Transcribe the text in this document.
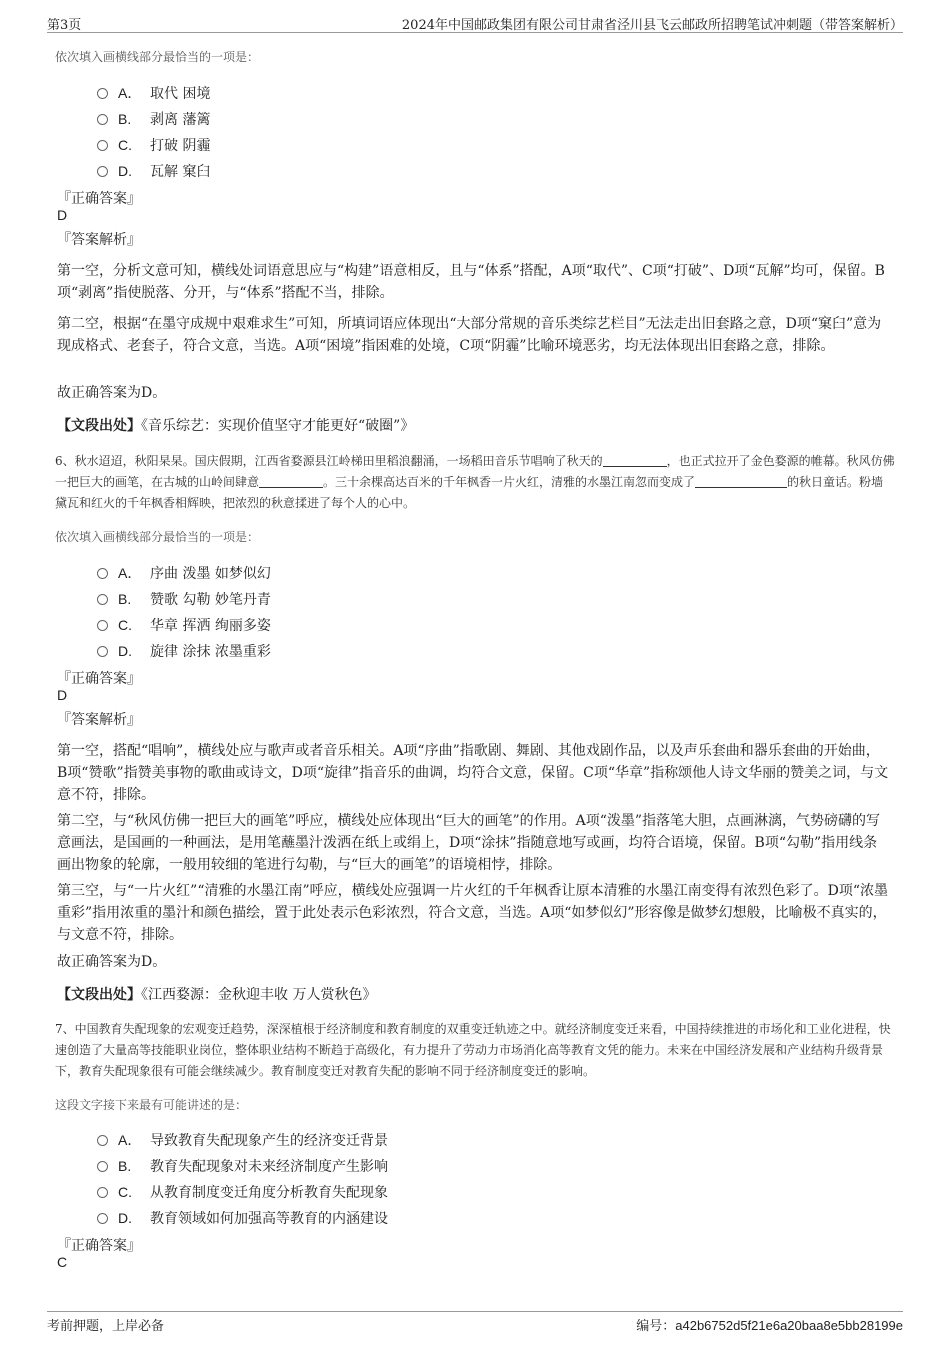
第3页	2024年中国邮政集团有限公司甘肃省泾川县飞云邮政所招聘笔试冲刺题（带答案解析）
依次填入画横线部分最恰当的一项是：
A． 取代 困境
B. 剥离 藩篱
C. 打破 阴霾
D. 瓦解 窠臼
『正确答案』
D
『答案解析』
第一空，分析文意可知，横线处词语意思应与“构建”语意相反，且与“体系”搭配，A项“取代”、C项“打破”、D项“瓦解”均可，保留。B项“剥离”指使脱落、分开，与“体系”搭配不当，排除。
第二空，根据“在墨守成规中艰难求生”可知，所填词语应体现出“大部分常规的音乐类综艺栏目”无法走出旧套路之意，D项“窠臼”意为现成格式、老套子，符合文意，当选。A项“困境”指困难的处境，C项“阴霾”比喻环境恶劣，均无法体现出旧套路之意，排除。
故正确答案为D。
【文段出处】《音乐综艺：实现价值坚守才能更好“破圈”》
6、秋水迢迢，秋阳杲杲。国庆假期，江西省婺源县江岭梯田里稻浪翻涌，一场稻田音乐节唱响了秋天的	，也正式拉开了金色婺源的帷幕。秋风仿佛一把巨大的画笔，在古城的山岭间肆意	。三十余棵高达百米的千年枫香一片火红，清雅的水墨江南忽而变成了	的秋日童话。粉墙黛瓦和红火的千年枫香相辉映，把浓烈的秋意揉进了每个人的心中。
依次填入画横线部分最恰当的一项是：
A． 序曲 泼墨 如梦似幻
B. 赞歌 勾勒 妙笔丹青
C. 华章 挥洒 绚丽多姿
D. 旋律 涂抹 浓墨重彩
『正确答案』
D
『答案解析』
第一空，搭配“唱响”，横线处应与歌声或者音乐相关。A项“序曲”指歌剧、舞剧、其他戏剧作品，以及声乐套曲和器乐套曲的开始曲，B项“赞歌”指赞美事物的歌曲或诗文，D项“旋律”指音乐的曲调，均符合文意，保留。C项“华章”指称颂他人诗文华丽的赞美之词，与文意不符，排除。
第二空，与“秋风仿佛一把巨大的画笔”呼应，横线处应体现出“巨大的画笔”的作用。A项“泼墨”指落笔大胆，点画淋漓，气势磅礴的写意画法，是国画的一种画法，是用笔蘸墨汁泼洒在纸上或绢上，D项“涂抹”指随意地写或画，均符合语境，保留。B项“勾勒”指用线条画出物象的轮廓，一般用较细的笔进行勾勒，与“巨大的画笔”的语境相悖，排除。
第三空，与“一片火红”“清雅的水墨江南”呼应，横线处应强调一片火红的千年枫香让原本清雅的水墨江南变得有浓烈色彩了。D项“浓墨重彩”指用浓重的墨汁和颜色描绘，置于此处表示色彩浓烈，符合文意，当选。A项“如梦似幻”形容像是做梦幻想般，比喻极不真实的，与文意不符，排除。
故正确答案为D。
【文段出处】《江西婺源：金秋迎丰收 万人赏秋色》
7、中国教育失配现象的宏观变迁趋势，深深植根于经济制度和教育制度的双重变迁轨迹之中。就经济制度变迁来看，中国持续推进的市场化和工业化进程，快速创造了大量高等技能职业岗位，整体职业结构不断趋于高级化，有力提升了劳动力市场消化高等教育文凭的能力。未来在中国经济发展和产业结构升级背景下，教育失配现象很有可能会继续减少。教育制度变迁对教育失配的影响不同于经济制度变迁的影响。
这段文字接下来最有可能讲述的是：
A． 导致教育失配现象产生的经济变迁背景
B. 教育失配现象对未来经济制度产生影响
C. 从教育制度变迁角度分析教育失配现象
D. 教育领域如何加强高等教育的内涵建设
『正确答案』
C
考前押题，上岸必备	编号：a42b6752d5f21e6a20baa8e5bb28199e
